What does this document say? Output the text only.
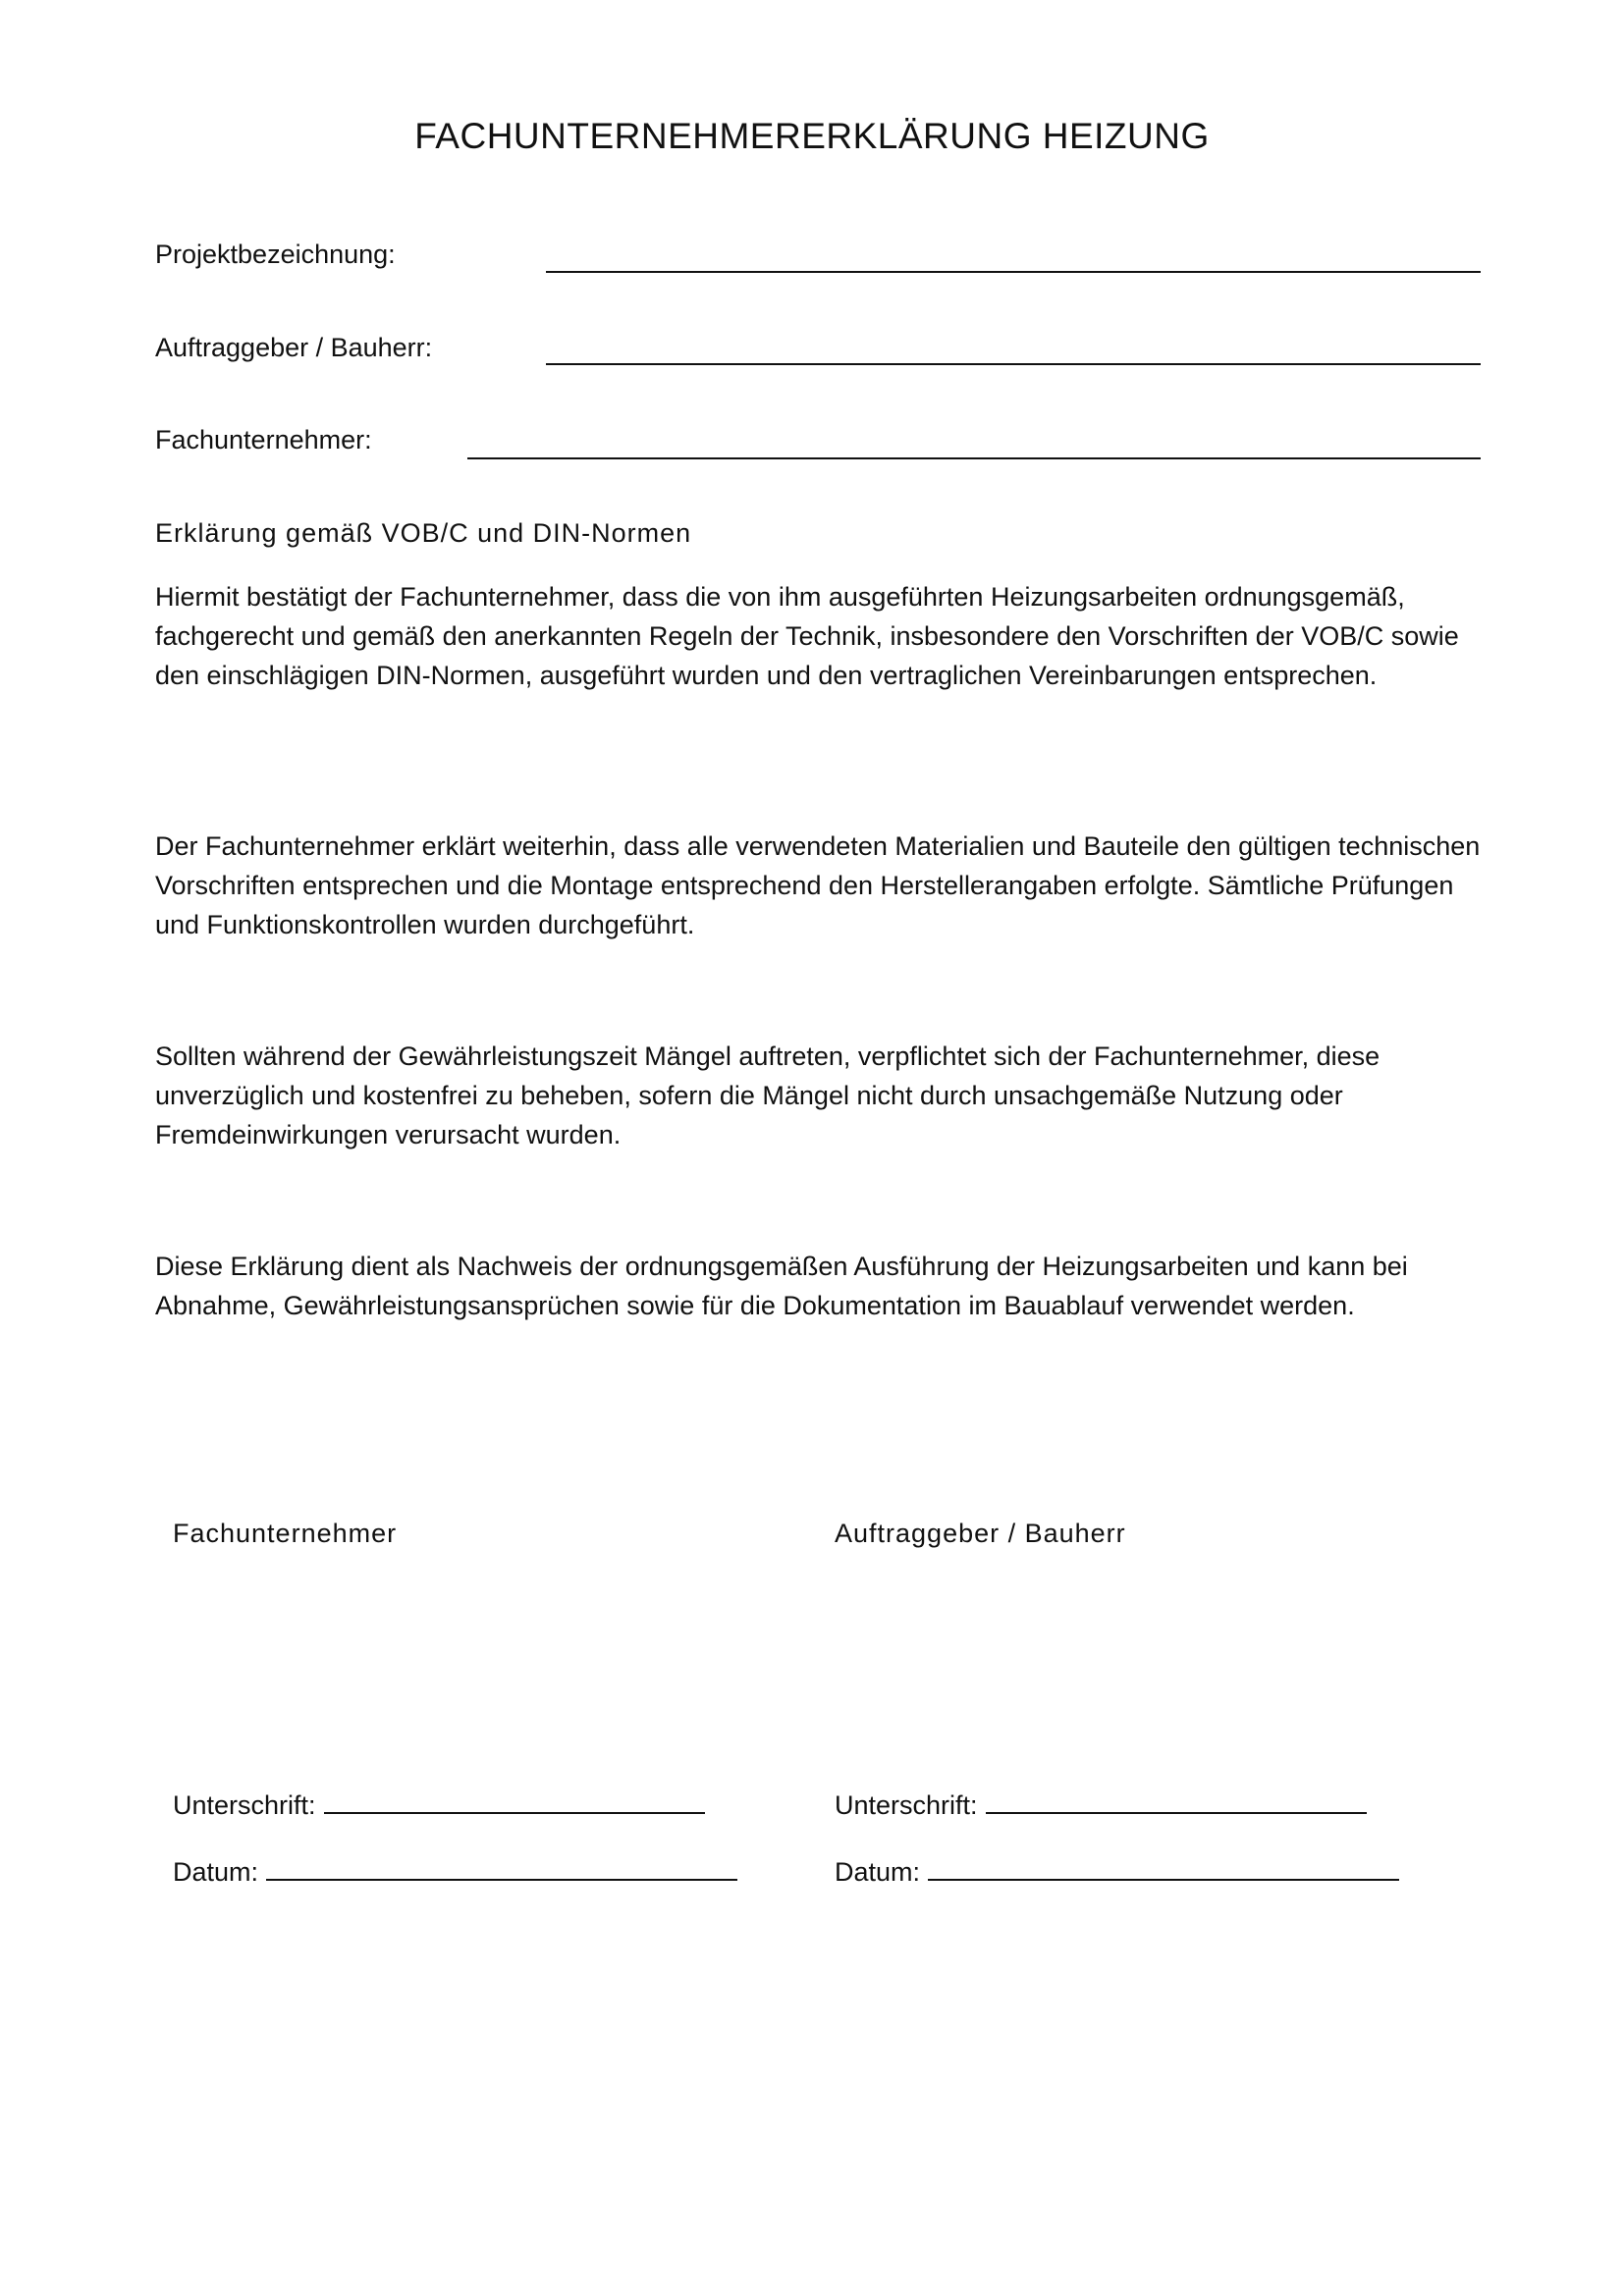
FACHUNTERNEHMERERKLÄRUNG HEIZUNG
Projektbezeichnung:
Auftraggeber / Bauherr:
Fachunternehmer:
Erklärung gemäß VOB/C und DIN-Normen

Hiermit bestätigt der Fachunternehmer, dass die von ihm ausgeführten Heizungsarbeiten ordnungsgemäß, fachgerecht und gemäß den anerkannten Regeln der Technik, insbesondere den Vorschriften der VOB/C sowie den einschlägigen DIN-Normen, ausgeführt wurden und den vertraglichen Vereinbarungen entsprechen.

Der Fachunternehmer erklärt weiterhin, dass alle verwendeten Materialien und Bauteile den gültigen technischen Vorschriften entsprechen und die Montage entsprechend den Herstellerangaben erfolgte. Sämtliche Prüfungen und Funktionskontrollen wurden durchgeführt.

Sollten während der Gewährleistungszeit Mängel auftreten, verpflichtet sich der Fachunternehmer, diese unverzüglich und kostenfrei zu beheben, sofern die Mängel nicht durch unsachgemäße Nutzung oder Fremdeinwirkungen verursacht wurden.

Diese Erklärung dient als Nachweis der ordnungsgemäßen Ausführung der Heizungsarbeiten und kann bei Abnahme, Gewährleistungsansprüchen sowie für die Dokumentation im Bauablauf verwendet werden.

Fachunternehmer
Unterschrift:
Datum:
Auftraggeber / Bauherr
Unterschrift:
Datum:
